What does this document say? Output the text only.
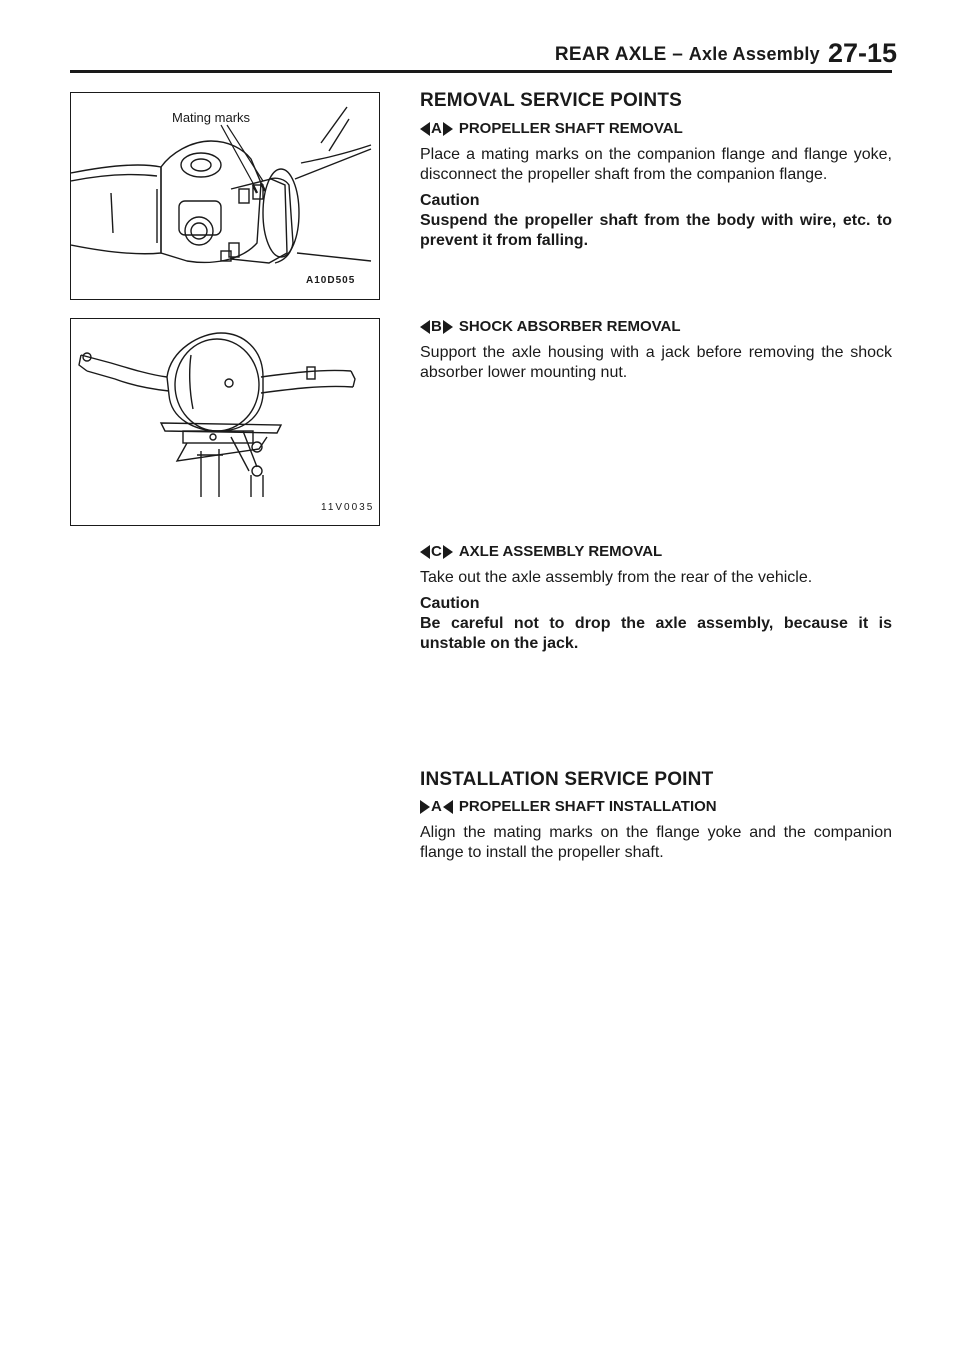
REAR AXLE – Axle Assembly 27-15
Mating marks
A10D505
11V0035
REMOVAL SERVICE POINTS
A PROPELLER SHAFT REMOVAL
Place a mating marks on the companion flange and flange yoke, disconnect the propeller shaft from the companion flange.
Caution
Suspend the propeller shaft from the body with wire, etc. to prevent it from falling.
B SHOCK ABSORBER REMOVAL
Support the axle housing with a jack before removing the shock absorber lower mounting nut.
C AXLE ASSEMBLY REMOVAL
Take out the axle assembly from the rear of the vehicle.
Caution
Be careful not to drop the axle assembly, because it is unstable on the jack.
INSTALLATION SERVICE POINT
A PROPELLER SHAFT INSTALLATION
Align the mating marks on the flange yoke and the companion flange to install the propeller shaft.
